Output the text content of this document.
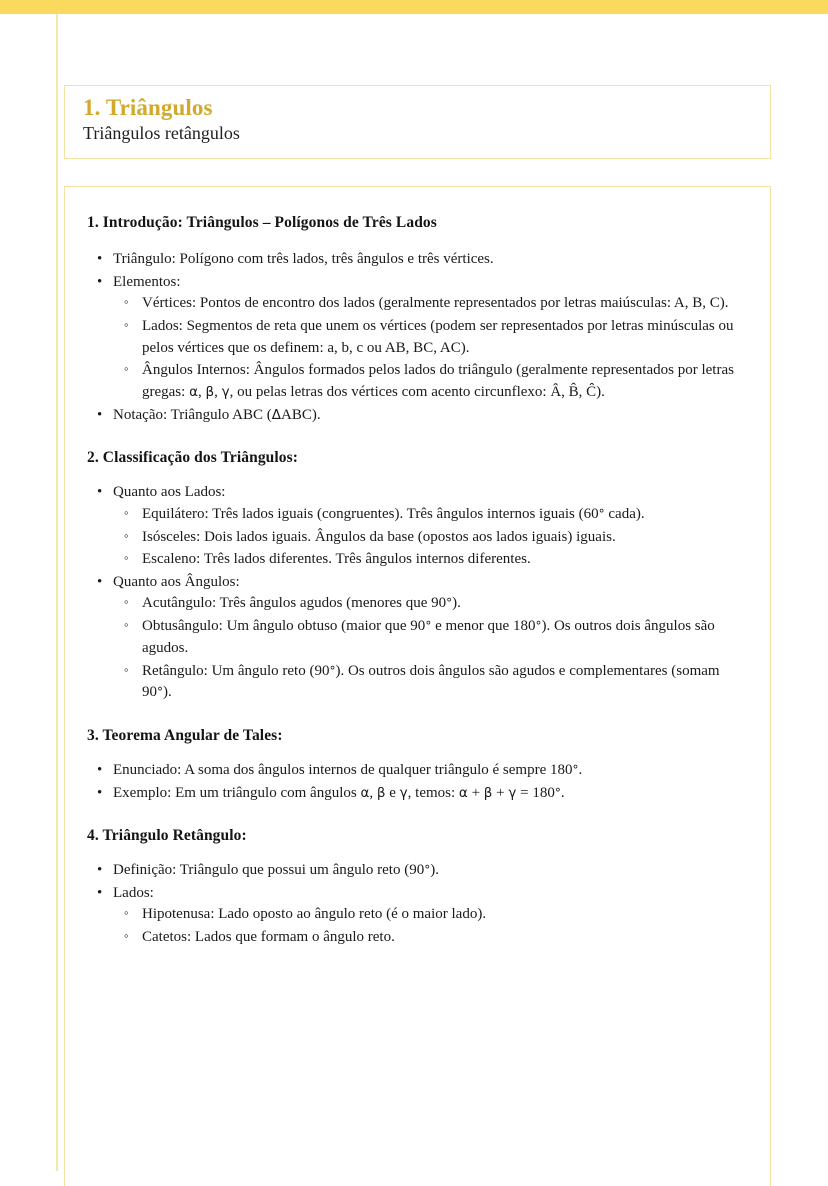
1. Triângulos
Triângulos retângulos
1. Introdução: Triângulos – Polígonos de Três Lados
• Triângulo: Polígono com três lados, três ângulos e três vértices.
• Elementos:
◦ Vértices: Pontos de encontro dos lados (geralmente representados por letras maiúsculas: A, B, C).
◦ Lados: Segmentos de reta que unem os vértices (podem ser representados por letras minúsculas ou pelos vértices que os definem: a, b, c ou AB, BC, AC).
◦ Ângulos Internos: Ângulos formados pelos lados do triângulo (geralmente representados por letras gregas: α, β, γ, ou pelas letras dos vértices com acento circunflexo: Â, B̂, Ĉ).
• Notação: Triângulo ABC (ΔABC).
2. Classificação dos Triângulos:
• Quanto aos Lados:
◦ Equilátero: Três lados iguais (congruentes). Três ângulos internos iguais (60° cada).
◦ Isósceles: Dois lados iguais. Ângulos da base (opostos aos lados iguais) iguais.
◦ Escaleno: Três lados diferentes. Três ângulos internos diferentes.
• Quanto aos Ângulos:
◦ Acutângulo: Três ângulos agudos (menores que 90°).
◦ Obtusângulo: Um ângulo obtuso (maior que 90° e menor que 180°). Os outros dois ângulos são agudos.
◦ Retângulo: Um ângulo reto (90°). Os outros dois ângulos são agudos e complementares (somam 90°).
3. Teorema Angular de Tales:
• Enunciado: A soma dos ângulos internos de qualquer triângulo é sempre 180°.
• Exemplo: Em um triângulo com ângulos α, β e γ, temos: α + β + γ = 180°.
4. Triângulo Retângulo:
• Definição: Triângulo que possui um ângulo reto (90°).
• Lados:
◦ Hipotenusa: Lado oposto ao ângulo reto (é o maior lado).
◦ Catetos: Lados que formam o ângulo reto.
